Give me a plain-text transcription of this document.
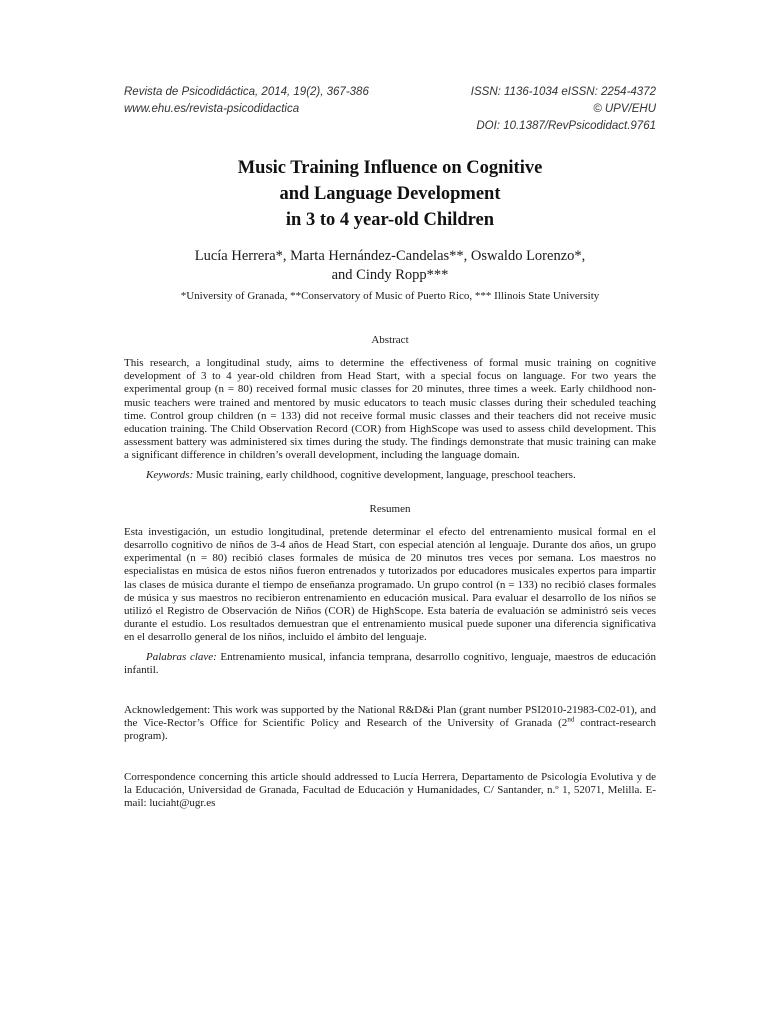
Revista de Psicodidáctica, 2014, 19(2), 367-386
www.ehu.es/revista-psicodidactica
ISSN: 1136-1034 eISSN: 2254-4372
© UPV/EHU
DOI: 10.1387/RevPsicodidact.9761
Music Training Influence on Cognitive
and Language Development
in 3 to 4 year-old Children
Lucía Herrera*, Marta Hernández-Candelas**, Oswaldo Lorenzo*,
and Cindy Ropp***
*University of Granada, **Conservatory of Music of Puerto Rico, *** Illinois State University
Abstract
This research, a longitudinal study, aims to determine the effectiveness of formal music training on cognitive development of 3 to 4 year-old children from Head Start, with a special focus on language. For two years the experimental group (n = 80) received formal music classes for 20 minutes, three times a week. Early childhood non-music teachers were trained and mentored by music educators to teach music classes during their scheduled teaching time. Control group children (n = 133) did not receive formal music classes and their teachers did not receive music education training. The Child Observation Record (COR) from HighScope was used to assess child development. This assessment battery was administered six times during the study. The findings demonstrate that music training can make a significant difference in children’s overall development, including the language domain.
Keywords: Music training, early childhood, cognitive development, language, preschool teachers.
Resumen
Esta investigación, un estudio longitudinal, pretende determinar el efecto del entrenamiento musical formal en el desarrollo cognitivo de niños de 3-4 años de Head Start, con especial atención al lenguaje. Durante dos años, un grupo experimental (n = 80) recibió clases formales de música de 20 minutos tres veces por semana. Los maestros no especialistas en música de estos niños fueron entrenados y tutorizados por educadores musicales expertos para impartir las clases de música durante el tiempo de enseñanza programado. Un grupo control (n = 133) no recibió clases formales de música y sus maestros no recibieron entrenamiento en educación musical. Para evaluar el desarrollo de los niños se utilizó el Registro de Observación de Niños (COR) de HighScope. Esta batería de evaluación se administró seis veces durante el estudio. Los resultados demuestran que el entrenamiento musical puede suponer una diferencia significativa en el desarrollo general de los niños, incluido el ámbito del lenguaje.
Palabras clave: Entrenamiento musical, infancia temprana, desarrollo cognitivo, lenguaje, maestros de educación infantil.
Acknowledgement: This work was supported by the National R&D&i Plan (grant number PSI2010-21983-C02-01), and the Vice-Rector’s Office for Scientific Policy and Research of the University of Granada (2nd contract-research program).
Correspondence concerning this article should addressed to Lucía Herrera, Departamento de Psicología Evolutiva y de la Educación, Universidad de Granada, Facultad de Educación y Humanidades, C/ Santander, n.º 1, 52071, Melilla. E-mail: luciaht@ugr.es
